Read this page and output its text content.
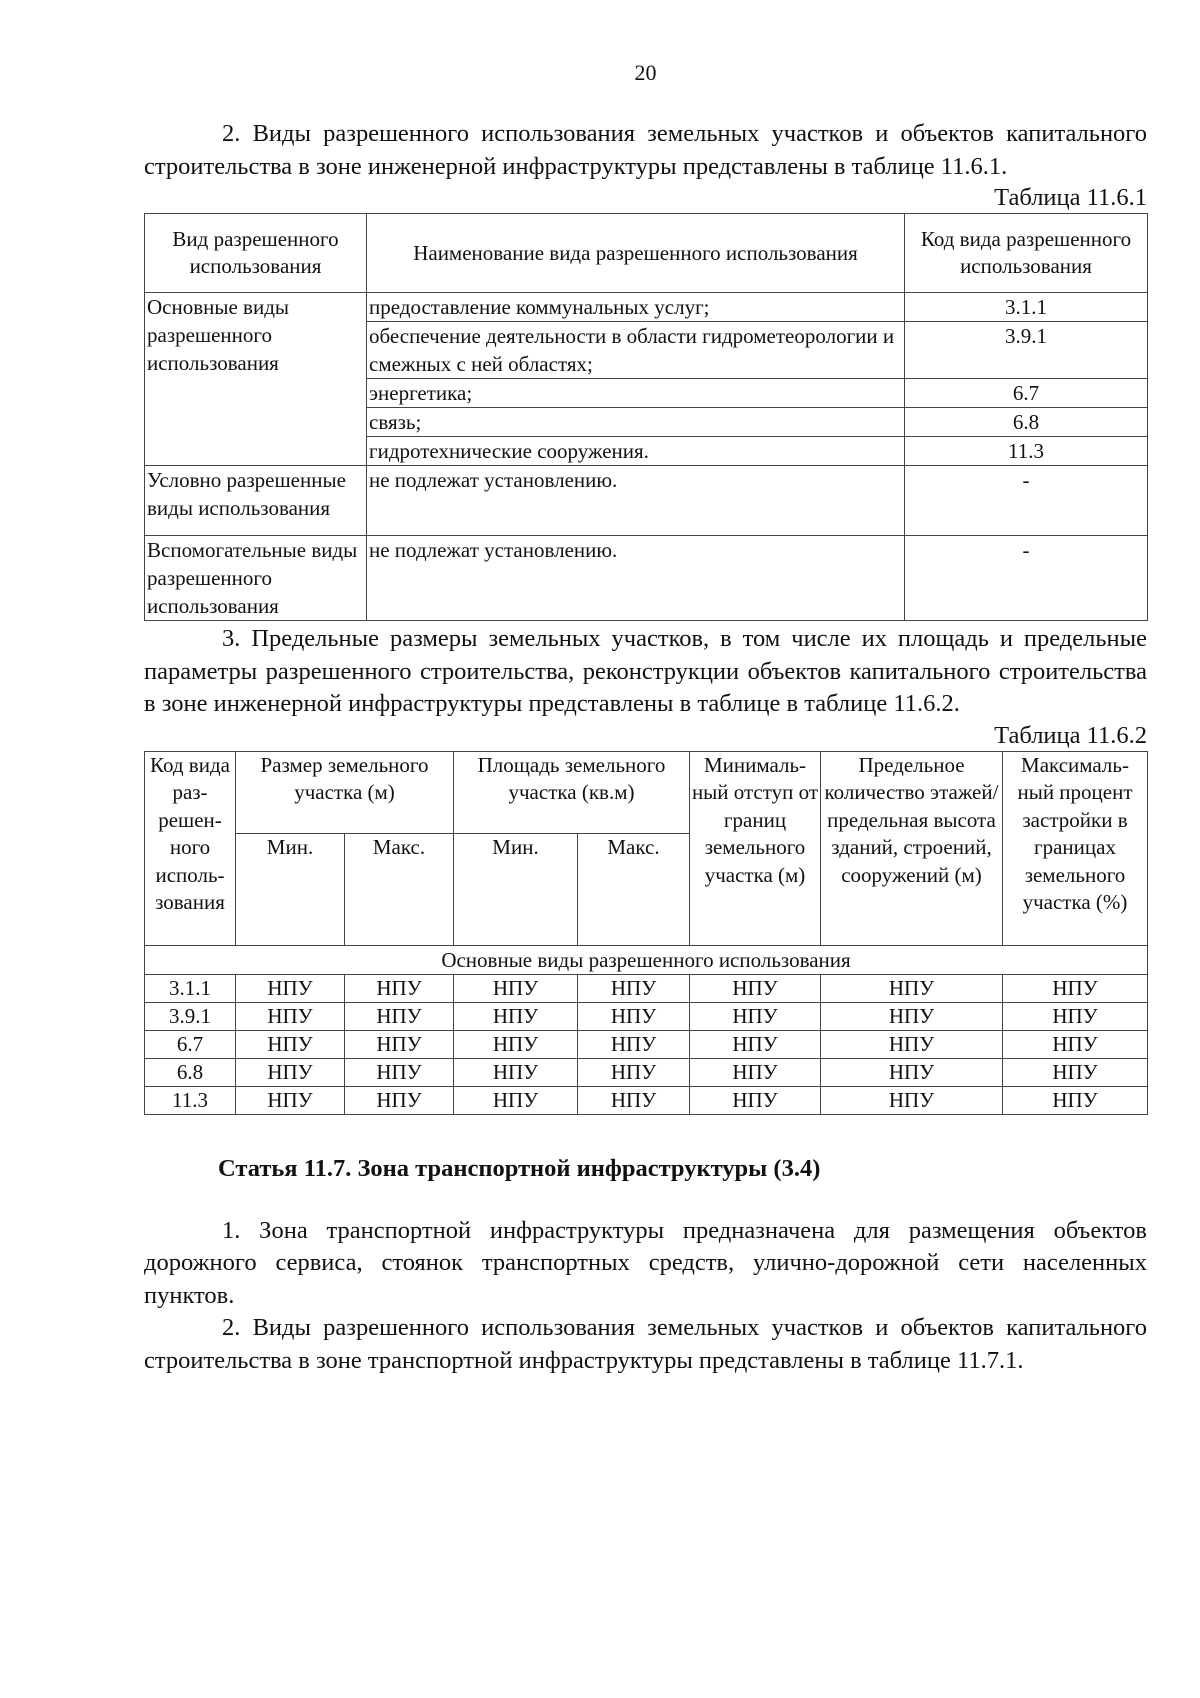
20

2. Виды разрешенного использования земельных участков и объектов капитального строительства в зоне инженерной инфраструктуры представлены в таблице 11.6.1.

Таблица 11.6.1
Вид разрешенного использования	Наименование вида разрешенного использования	Код вида разрешенного использования
Основные виды разрешенного использования	предоставление коммунальных услуг;	3.1.1
	обеспечение деятельности в области гидрометеорологии и смежных с ней областях;	3.9.1
	энергетика;	6.7
	связь;	6.8
	гидротехнические сооружения.	11.3
Условно разрешенные виды использования	не подлежат установлению.	-
Вспомогательные виды разрешенного использования	не подлежат установлению.	-

3. Предельные размеры земельных участков, в том числе их площадь и предельные параметры разрешенного строительства, реконструкции объектов капитального строительства в зоне инженерной инфраструктуры представлены в таблице в таблице 11.6.2.

Таблица 11.6.2
Код вида раз-решен-ного исполь-зования	Размер земельного участка (м)		Площадь земельного участка (кв.м)		Минималь-ный отступ от границ земельного участка (м)	Предельное количество этажей/ предельная высота зданий, строений, сооружений (м)	Максималь-ный процент застройки в границах земельного участка (%)
	Мин.	Макс.	Мин.	Макс.			
Основные виды разрешенного использования							
3.1.1	НПУ	НПУ	НПУ	НПУ	НПУ	НПУ	НПУ
3.9.1	НПУ	НПУ	НПУ	НПУ	НПУ	НПУ	НПУ
6.7	НПУ	НПУ	НПУ	НПУ	НПУ	НПУ	НПУ
6.8	НПУ	НПУ	НПУ	НПУ	НПУ	НПУ	НПУ
11.3	НПУ	НПУ	НПУ	НПУ	НПУ	НПУ	НПУ
Статья 11.7. Зона транспортной инфраструктуры (3.4)

1. Зона транспортной инфраструктуры предназначена для размещения объектов дорожного сервиса, стоянок транспортных средств, улично-дорожной сети населенных пунктов.

2. Виды разрешенного использования земельных участков и объектов капитального строительства в зоне транспортной инфраструктуры представлены в таблице 11.7.1.
